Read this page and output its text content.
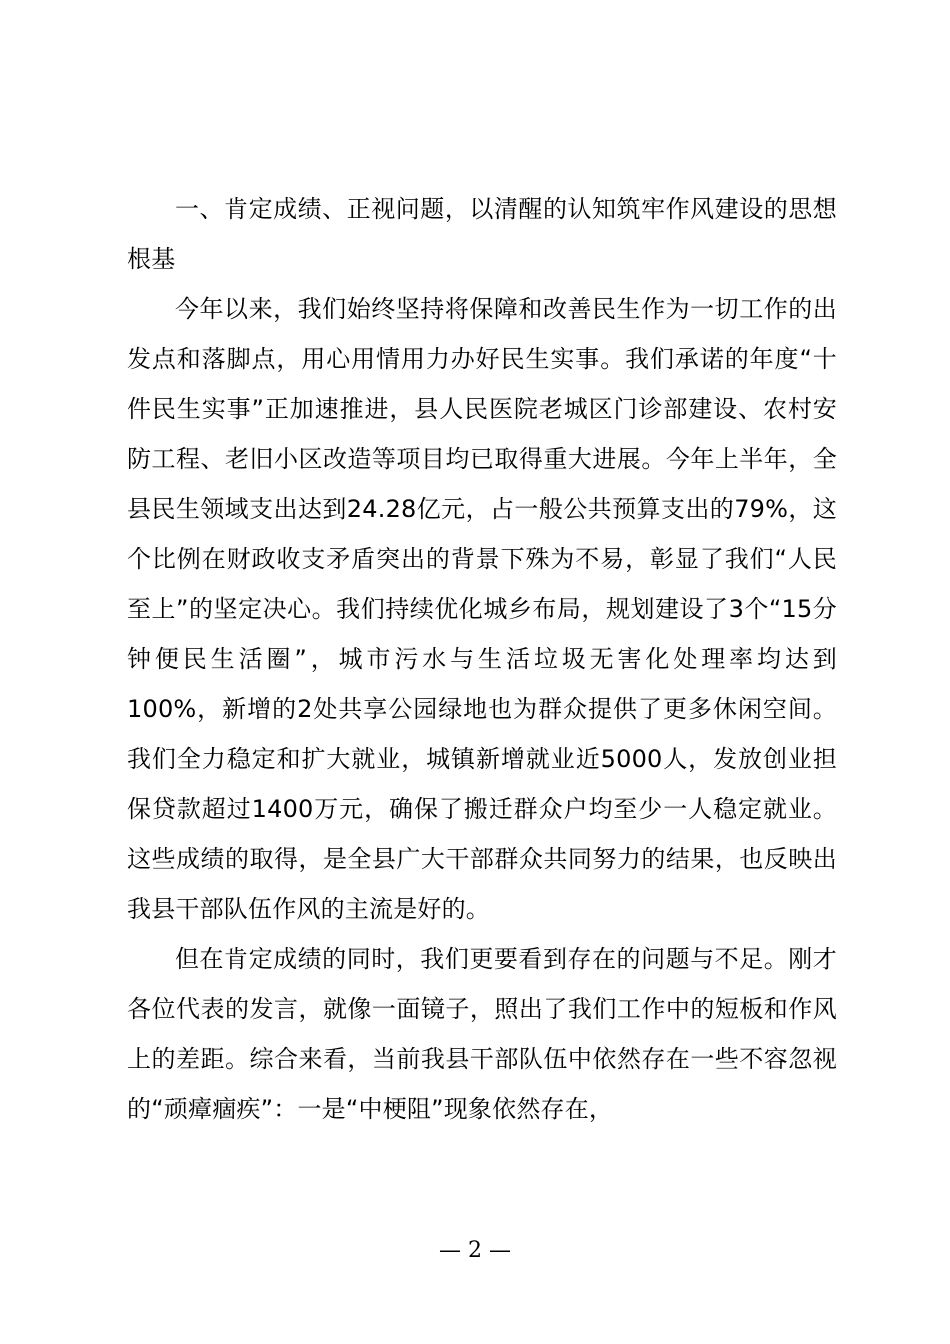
一、肯定成绩、正视问题，以清醒的认知筑牢作风建设的思想根基

今年以来，我们始终坚持将保障和改善民生作为一切工作的出发点和落脚点，用心用情用力办好民生实事。我们承诺的年度“十件民生实事”正加速推进，县人民医院老城区门诊部建设、农村安防工程、老旧小区改造等项目均已取得重大进展。今年上半年，全县民生领域支出达到24.28亿元，占一般公共预算支出的79%，这个比例在财政收支矛盾突出的背景下殊为不易，彰显了我们“人民至上”的坚定决心。我们持续优化城乡布局，规划建设了3个“15分钟便民生活圈”，城市污水与生活垃圾无害化处理率均达到100%，新增的2处共享公园绿地也为群众提供了更多休闲空间。我们全力稳定和扩大就业，城镇新增就业近5000人，发放创业担保贷款超过1400万元，确保了搬迁群众户均至少一人稳定就业。这些成绩的取得，是全县广大干部群众共同努力的结果，也反映出我县干部队伍作风的主流是好的。

但在肯定成绩的同时，我们更要看到存在的问题与不足。刚才各位代表的发言，就像一面镜子，照出了我们工作中的短板和作风上的差距。综合来看，当前我县干部队伍中依然存在一些不容忽视的“顽瘴痼疾”：一是“中梗阻”现象依然存在，

— 2 —
